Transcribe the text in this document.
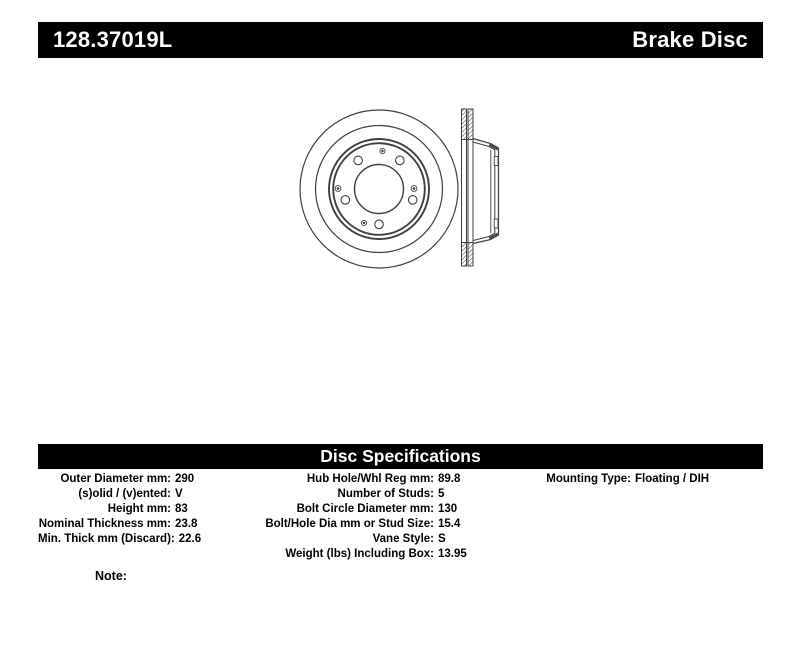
128.37019L	Brake Disc
Disc Specifications
Outer Diameter mm: 290
(s)olid / (v)ented: V
Height mm: 83
Nominal Thickness mm: 23.8
Min. Thick mm (Discard): 22.6
Hub Hole/Whl Reg mm: 89.8
Number of Studs: 5
Bolt Circle Diameter mm: 130
Bolt/Hole Dia mm or Stud Size: 15.4
Vane Style: S
Weight (lbs) Including Box: 13.95
Mounting Type: Floating / DIH
Note:
